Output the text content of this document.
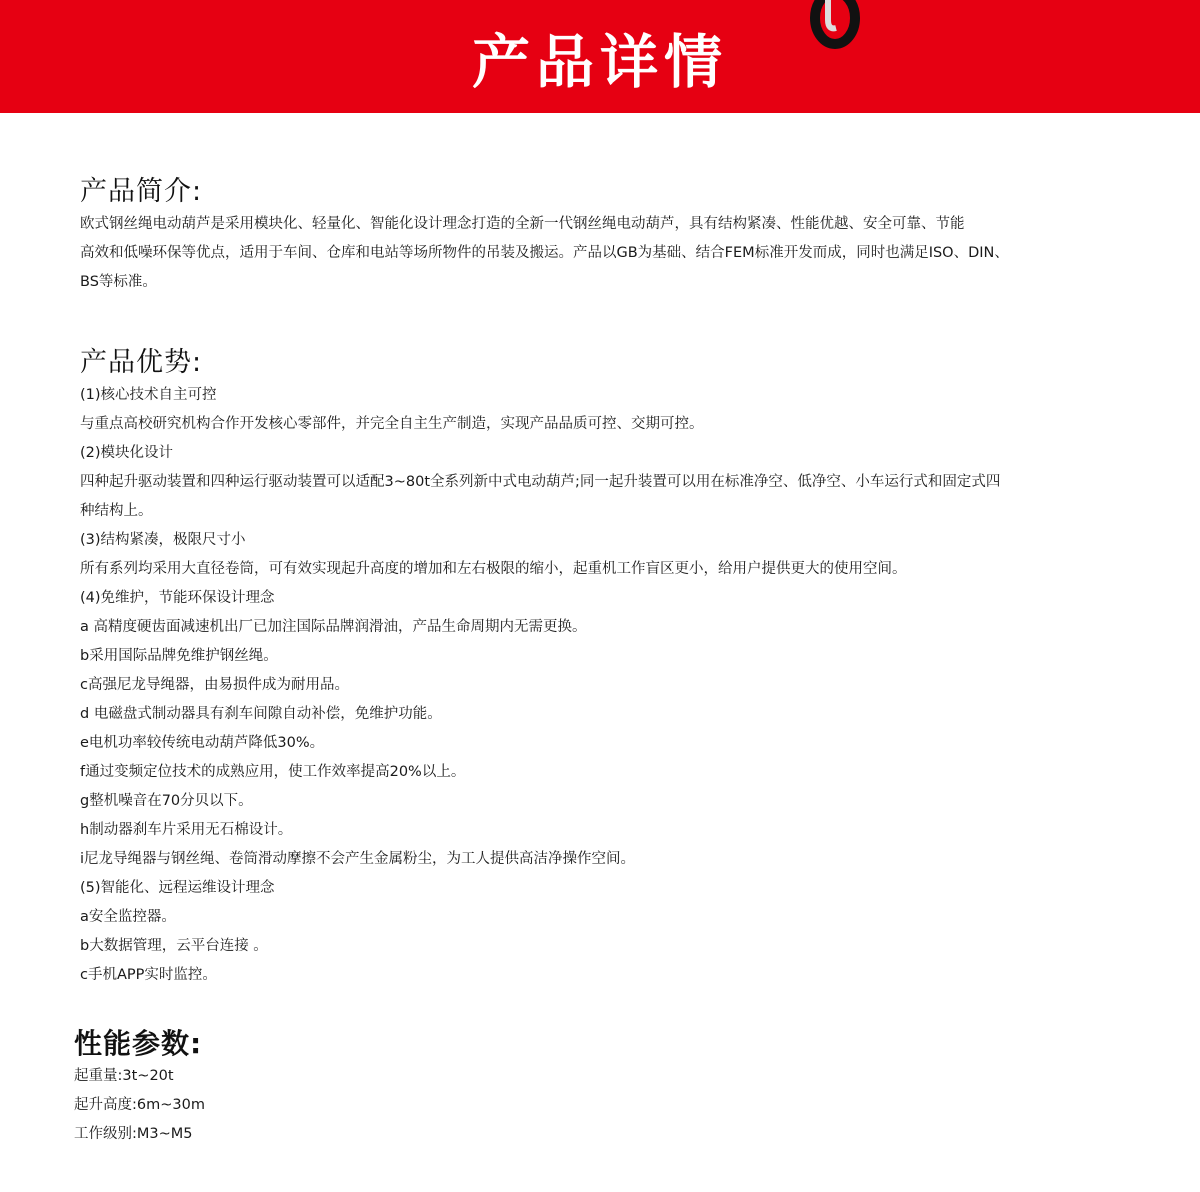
产品详情
产品简介:

欧式钢丝绳电动葫芦是采用模块化、轻量化、智能化设计理念打造的全新一代钢丝绳电动葫芦，具有结构紧凑、性能优越、安全可靠、节能

高效和低噪环保等优点，适用于车间、仓库和电站等场所物件的吊装及搬运。产品以GB为基础、结合FEM标准开发而成，同时也满足ISO、DIN、

BS等标准。

产品优势:

(1)核心技术自主可控

与重点高校研究机构合作开发核心零部件，并完全自主生产制造，实现产品品质可控、交期可控。

(2)模块化设计

四种起升驱动装置和四种运行驱动装置可以适配3~80t全系列新中式电动葫芦;同一起升装置可以用在标准净空、低净空、小车运行式和固定式四

种结构上。

(3)结构紧凑，极限尺寸小

所有系列均采用大直径卷筒，可有效实现起升高度的增加和左右极限的缩小，起重机工作盲区更小，给用户提供更大的使用空间。

(4)免维护，节能环保设计理念

a 高精度硬齿面减速机出厂已加注国际品牌润滑油，产品生命周期内无需更换。

b采用国际品牌免维护钢丝绳。

c高强尼龙导绳器，由易损件成为耐用品。

d 电磁盘式制动器具有刹车间隙自动补偿，免维护功能。

e电机功率较传统电动葫芦降低30%。

f通过变频定位技术的成熟应用，使工作效率提高20%以上。

g整机噪音在70分贝以下。

h制动器刹车片采用无石棉设计。

i尼龙导绳器与钢丝绳、卷筒滑动摩擦不会产生金属粉尘，为工人提供高洁净操作空间。

(5)智能化、远程运维设计理念

a安全监控器。

b大数据管理，云平台连接 。

c手机APP实时监控。

性能参数:

起重量:3t~20t

起升高度:6m~30m

工作级别:M3~M5
